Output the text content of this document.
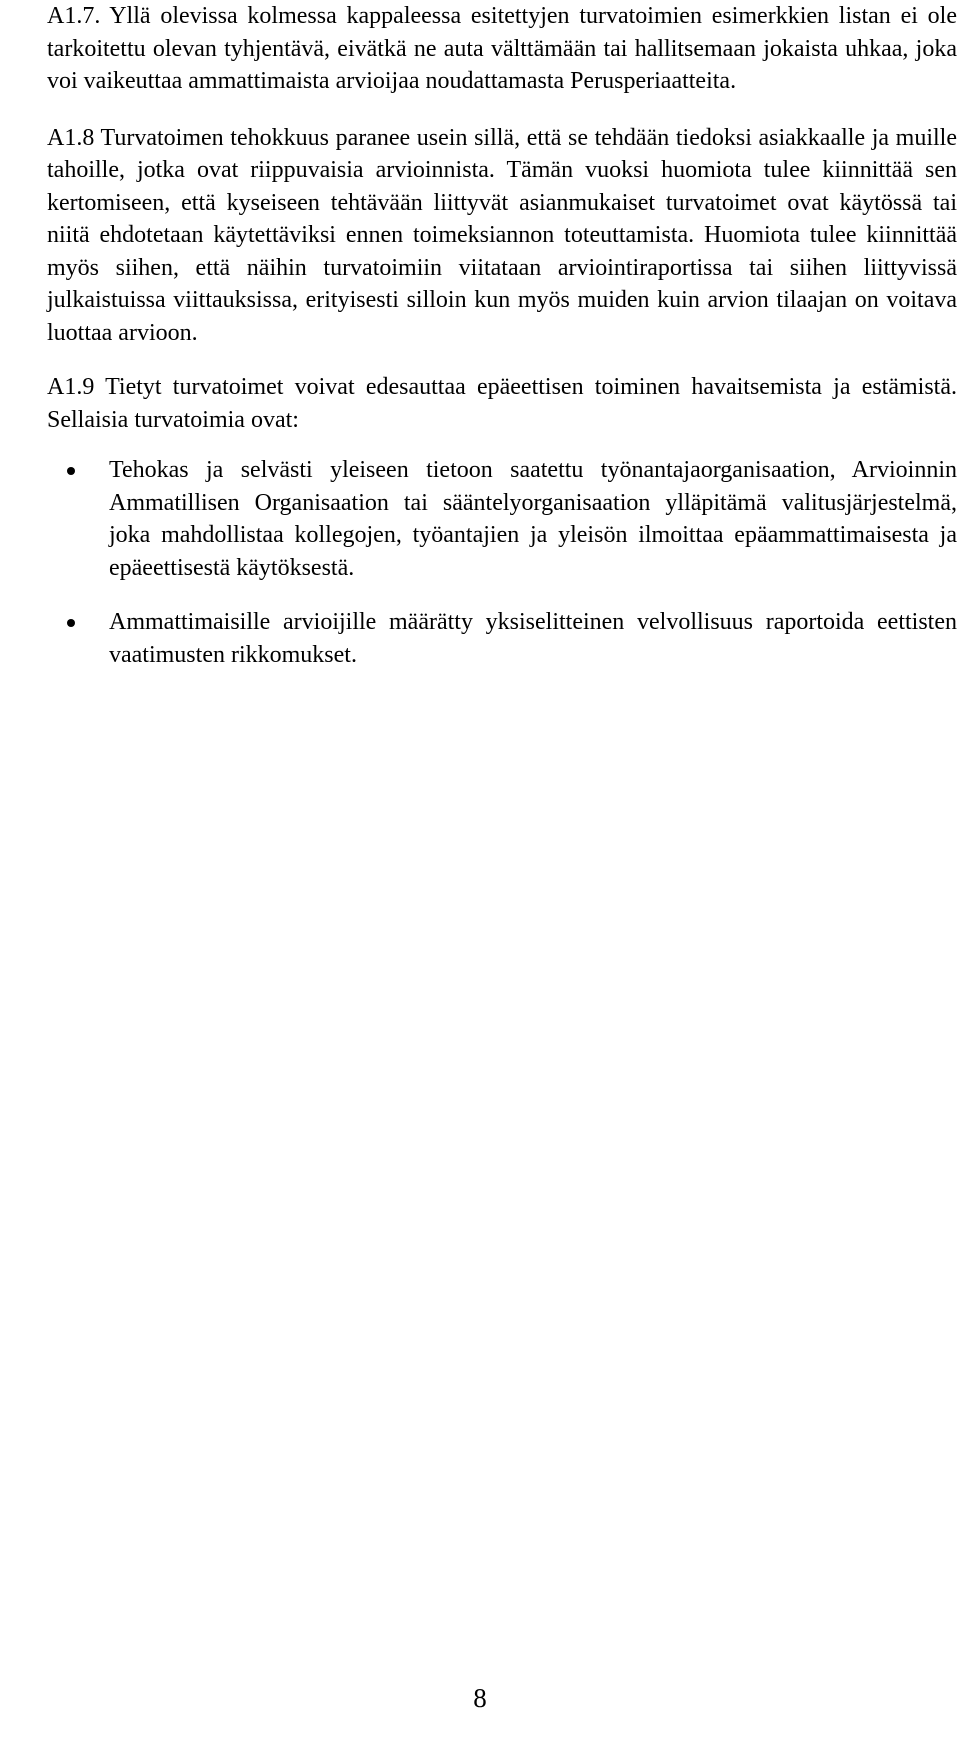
A1.7. Yllä olevissa kolmessa kappaleessa esitettyjen turvatoimien esimerkkien listan ei ole tarkoitettu olevan tyhjentävä, eivätkä ne auta välttämään tai hallitsemaan jokaista uhkaa, joka voi vaikeuttaa ammattimaista arvioijaa noudattamasta Perusperiaatteita.

A1.8 Turvatoimen tehokkuus paranee usein sillä, että se tehdään tiedoksi asiakkaalle ja muille tahoille, jotka ovat riippuvaisia arvioinnista. Tämän vuoksi huomiota tulee kiinnittää sen kertomiseen, että kyseiseen tehtävään liittyvät asianmukaiset turvatoimet ovat käytössä tai niitä ehdotetaan käytettäviksi ennen toimeksiannon toteuttamista. Huomiota tulee kiinnittää myös siihen, että näihin turvatoimiin viitataan arviointiraportissa tai siihen liittyvissä julkaistuissa viittauksissa, erityisesti silloin kun myös muiden kuin arvion tilaajan on voitava luottaa arvioon.

A1.9 Tietyt turvatoimet voivat edesauttaa epäeettisen toiminen havaitsemista ja estämistä. Sellaisia turvatoimia ovat:

Tehokas ja selvästi yleiseen tietoon saatettu työnantajaorganisaation, Arvioinnin Ammatillisen Organisaation tai sääntelyorganisaation ylläpitämä valitusjärjestelmä, joka mahdollistaa kollegojen, työantajien ja yleisön ilmoittaa epäammattimaisesta ja epäeettisestä käytöksestä.
Ammattimaisille arvioijille määrätty yksiselitteinen velvollisuus raportoida eettisten vaatimusten rikkomukset.
8
